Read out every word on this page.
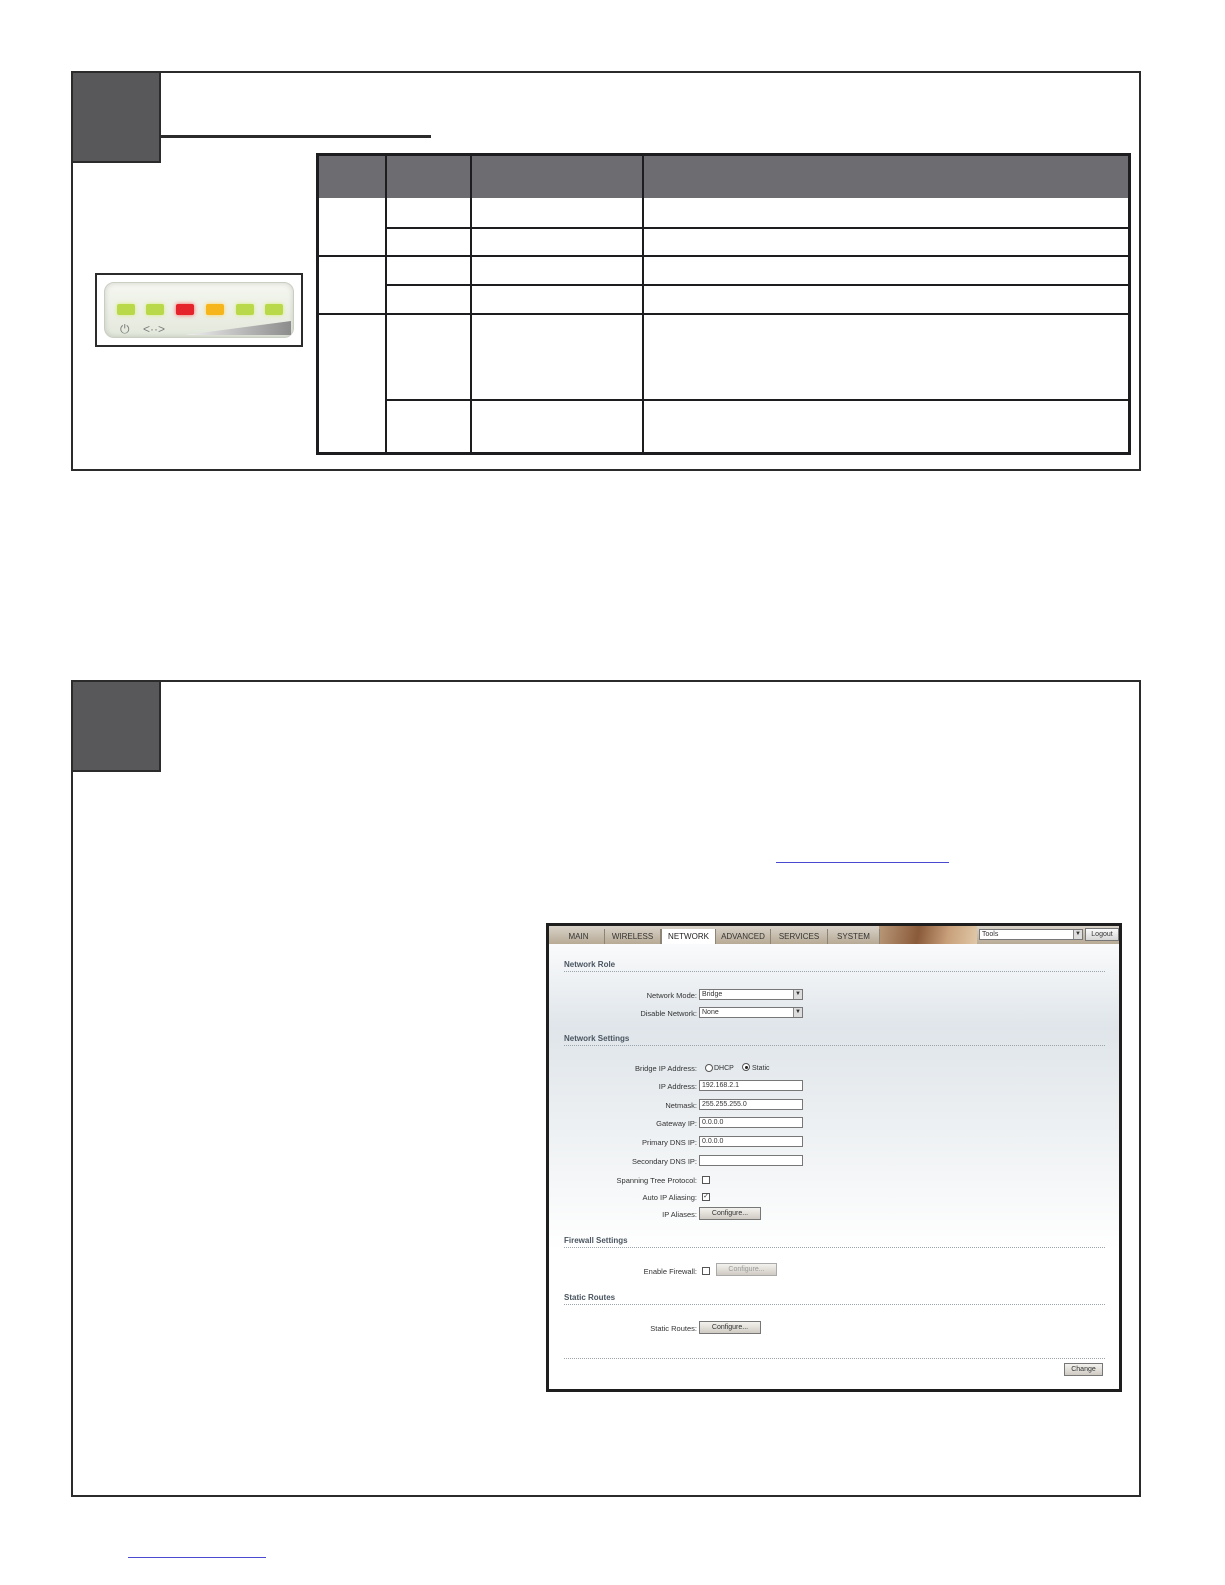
⏻ <··>
MAIN	WIRELESS	NETWORK	ADVANCED	SERVICES	SYSTEM	Tools	▼	Logout
Network Role
Network Mode: Bridge	▼
Disable Network: None	▼
Network Settings
Bridge IP Address: DHCP	Static
IP Address: 192.168.2.1
Netmask: 255.255.255.0
Gateway IP: 0.0.0.0
Primary DNS IP: 0.0.0.0
Secondary DNS IP:
Spanning Tree Protocol:
Auto IP Aliasing: ✓
IP Aliases:	Configure...
Firewall Settings
Enable Firewall:	Configure...
Static Routes
Static Routes:	Configure...
Change
